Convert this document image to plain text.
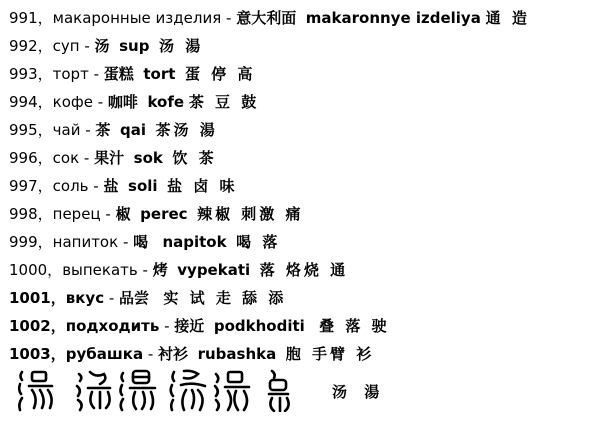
991，макаронные изделия - 意大利面 makaronnye izdeliya 通 造
992，суп - 汤 sup 汤 湯
993，торт - 蛋糕 tort 蛋 停 高
994，кофе - 咖啡 kofe 茶 豆 鼓
995，чай - 茶 qai 茶汤 湯
996，сок - 果汁 sok 饮 茶
997，соль - 盐 soli 盐 卤 味
998，перец - 椒 perec 辣椒 刺激 痛
999，напиток - 喝 napitok 喝 落
1000，выпекать - 烤 vypekati 落 烙烧 通
1001，вкус - 品尝 实 试 走 舔 添
1002，подходить - 接近 podkhoditi 叠 落 驶
1003，рубашка - 衬衫 rubashka 胞 手臂 衫
汤 湯
